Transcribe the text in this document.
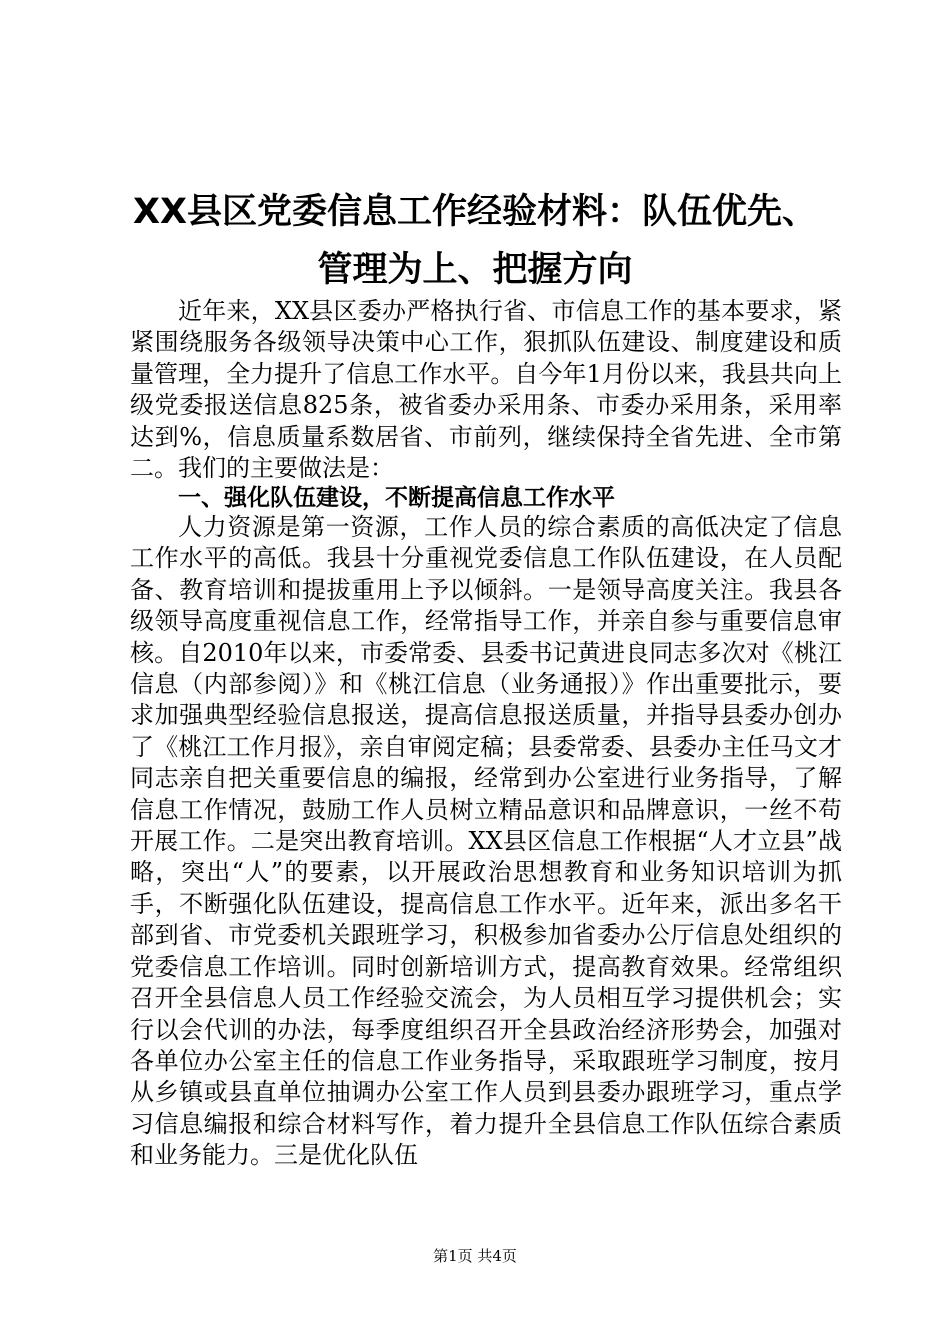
XX县区党委信息工作经验材料：队伍优先、
管理为上、把握方向

近年来，XX县区委办严格执行省、市信息工作的基本要求，紧紧围绕服务各级领导决策中心工作，狠抓队伍建设、制度建设和质量管理，全力提升了信息工作水平。自今年1月份以来，我县共向上级党委报送信息825条，被省委办采用条、市委办采用条，采用率达到%，信息质量系数居省、市前列，继续保持全省先进、全市第二。我们的主要做法是：

一、强化队伍建设，不断提高信息工作水平

人力资源是第一资源，工作人员的综合素质的高低决定了信息工作水平的高低。我县十分重视党委信息工作队伍建设，在人员配备、教育培训和提拔重用上予以倾斜。一是领导高度关注。我县各级领导高度重视信息工作，经常指导工作，并亲自参与重要信息审核。自2010年以来，市委常委、县委书记黄进良同志多次对《桃江信息（内部参阅）》和《桃江信息（业务通报）》作出重要批示，要求加强典型经验信息报送，提高信息报送质量，并指导县委办创办了《桃江工作月报》，亲自审阅定稿；县委常委、县委办主任马文才同志亲自把关重要信息的编报，经常到办公室进行业务指导，了解信息工作情况，鼓励工作人员树立精品意识和品牌意识，一丝不苟开展工作。二是突出教育培训。XX县区信息工作根据“人才立县”战略，突出“人”的要素，以开展政治思想教育和业务知识培训为抓手，不断强化队伍建设，提高信息工作水平。近年来，派出多名干部到省、市党委机关跟班学习，积极参加省委办公厅信息处组织的党委信息工作培训。同时创新培训方式，提高教育效果。经常组织召开全县信息人员工作经验交流会，为人员相互学习提供机会；实行以会代训的办法，每季度组织召开全县政治经济形势会，加强对各单位办公室主任的信息工作业务指导，采取跟班学习制度，按月从乡镇或县直单位抽调办公室工作人员到县委办跟班学习，重点学习信息编报和综合材料写作，着力提升全县信息工作队伍综合素质和业务能力。三是优化队伍

第1页 共4页
